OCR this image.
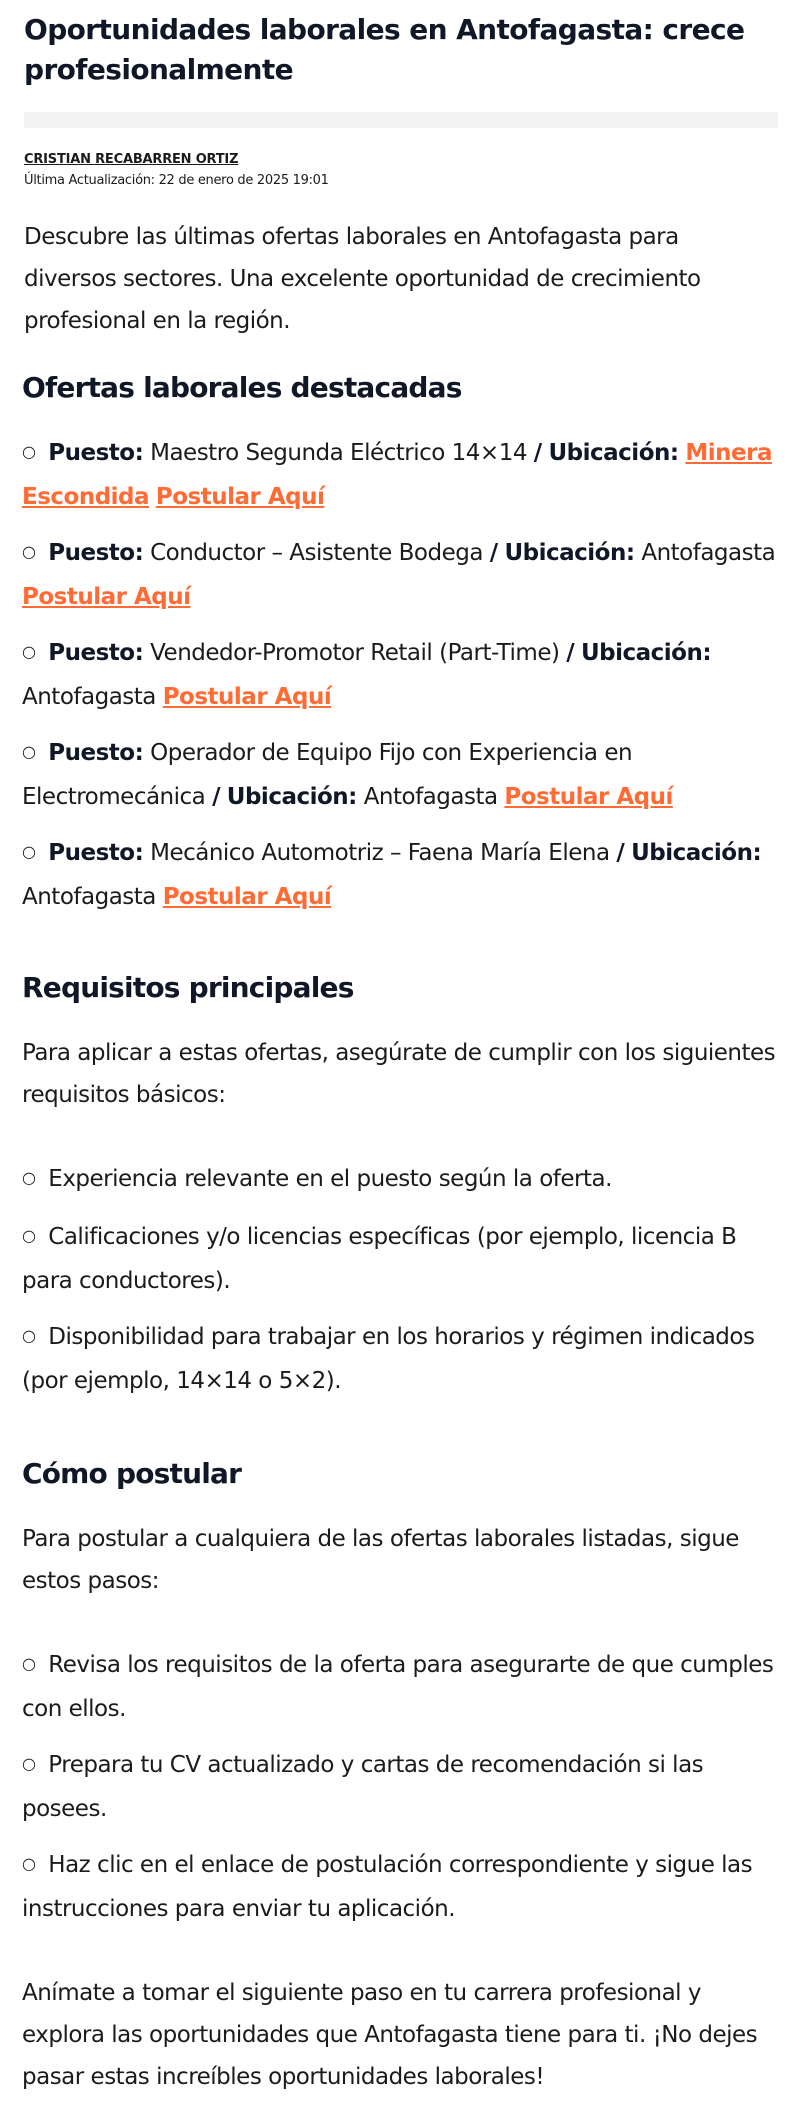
Oportunidades laborales en Antofagasta: crece profesionalmente
CRISTIAN RECABARREN ORTIZ
Última Actualización: 22 de enero de 2025 19:01

Descubre las últimas ofertas laborales en Antofagasta para diversos sectores. Una excelente oportunidad de crecimiento profesional en la región.

Ofertas laborales destacadas

○ Puesto: Maestro Segunda Eléctrico 14×14 / Ubicación: Minera Escondida Postular Aquí

○ Puesto: Conductor – Asistente Bodega / Ubicación: Antofagasta Postular Aquí

○ Puesto: Vendedor-Promotor Retail (Part-Time) / Ubicación: Antofagasta Postular Aquí

○ Puesto: Operador de Equipo Fijo con Experiencia en Electromecánica / Ubicación: Antofagasta Postular Aquí

○ Puesto: Mecánico Automotriz – Faena María Elena / Ubicación: Antofagasta Postular Aquí

Requisitos principales

Para aplicar a estas ofertas, asegúrate de cumplir con los siguientes requisitos básicos:

○ Experiencia relevante en el puesto según la oferta.

○ Calificaciones y/o licencias específicas (por ejemplo, licencia B para conductores).

○ Disponibilidad para trabajar en los horarios y régimen indicados (por ejemplo, 14×14 o 5×2).

Cómo postular

Para postular a cualquiera de las ofertas laborales listadas, sigue estos pasos:

○ Revisa los requisitos de la oferta para asegurarte de que cumples con ellos.

○ Prepara tu CV actualizado y cartas de recomendación si las posees.

○ Haz clic en el enlace de postulación correspondiente y sigue las instrucciones para enviar tu aplicación.

Anímate a tomar el siguiente paso en tu carrera profesional y explora las oportunidades que Antofagasta tiene para ti. ¡No dejes pasar estas increíbles oportunidades laborales!
